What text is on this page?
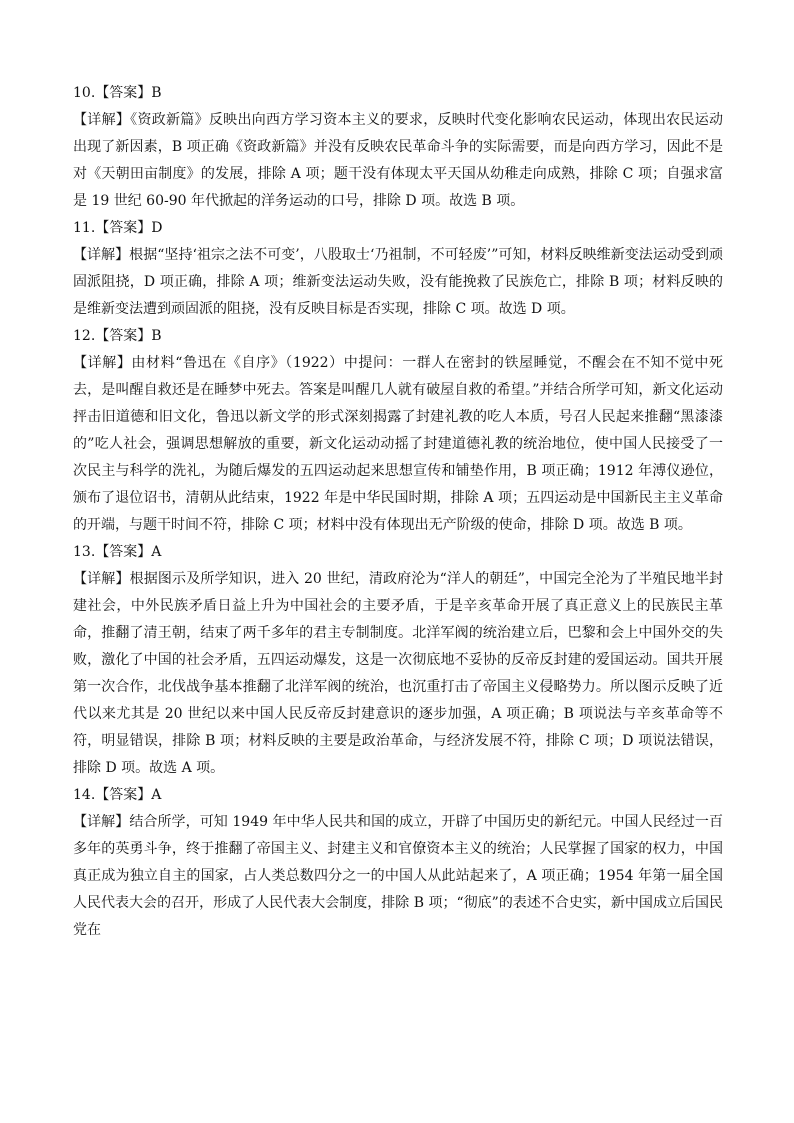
10.【答案】B
【详解】《资政新篇》反映出向西方学习资本主义的要求，反映时代变化影响农民运动，体现出农民运动出现了新因素，B 项正确《资政新篇》并没有反映农民革命斗争的实际需要，而是向西方学习，因此不是对《天朝田亩制度》的发展，排除 A 项；题干没有体现太平天国从幼稚走向成熟，排除 C 项；自强求富是 19 世纪 60-90 年代掀起的洋务运动的口号，排除 D 项。故选 B 项。
11.【答案】D
【详解】根据“坚持‘祖宗之法不可变’，八股取士‘乃祖制，不可轻废’”可知，材料反映维新变法运动受到顽固派阻挠，D 项正确，排除 A 项；维新变法运动失败，没有能挽救了民族危亡，排除 B 项；材料反映的是维新变法遭到顽固派的阻挠，没有反映目标是否实现，排除 C 项。故选 D 项。
12.【答案】B
【详解】由材料“鲁迅在《自序》（1922）中提问：一群人在密封的铁屋睡觉，不醒会在不知不觉中死去，是叫醒自救还是在睡梦中死去。答案是叫醒几人就有破屋自救的希望。”并结合所学可知，新文化运动抨击旧道德和旧文化，鲁迅以新文学的形式深刻揭露了封建礼教的吃人本质，号召人民起来推翻“黑漆漆的”吃人社会，强调思想解放的重要，新文化运动动摇了封建道德礼教的统治地位，使中国人民接受了一次民主与科学的洗礼，为随后爆发的五四运动起来思想宣传和铺垫作用，B 项正确；1912 年溥仪逊位，颁布了退位诏书，清朝从此结束，1922 年是中华民国时期，排除 A 项；五四运动是中国新民主主义革命的开端，与题干时间不符，排除 C 项；材料中没有体现出无产阶级的使命，排除 D 项。故选 B 项。
13.【答案】A
【详解】根据图示及所学知识，进入 20 世纪，清政府沦为“洋人的朝廷”，中国完全沦为了半殖民地半封建社会，中外民族矛盾日益上升为中国社会的主要矛盾，于是辛亥革命开展了真正意义上的民族民主革命，推翻了清王朝，结束了两千多年的君主专制制度。北洋军阀的统治建立后，巴黎和会上中国外交的失败，激化了中国的社会矛盾，五四运动爆发，这是一次彻底地不妥协的反帝反封建的爱国运动。国共开展第一次合作，北伐战争基本推翻了北洋军阀的统治，也沉重打击了帝国主义侵略势力。所以图示反映了近代以来尤其是 20 世纪以来中国人民反帝反封建意识的逐步加强，A 项正确；B 项说法与辛亥革命等不符，明显错误，排除 B 项；材料反映的主要是政治革命，与经济发展不符，排除 C 项；D 项说法错误，排除 D 项。故选 A 项。
14.【答案】A
【详解】结合所学，可知 1949 年中华人民共和国的成立，开辟了中国历史的新纪元。中国人民经过一百多年的英勇斗争，终于推翻了帝国主义、封建主义和官僚资本主义的统治；人民掌握了国家的权力，中国真正成为独立自主的国家，占人类总数四分之一的中国人从此站起来了，A 项正确；1954 年第一届全国人民代表大会的召开，形成了人民代表大会制度，排除 B 项；“彻底”的表述不合史实，新中国成立后国民党在
